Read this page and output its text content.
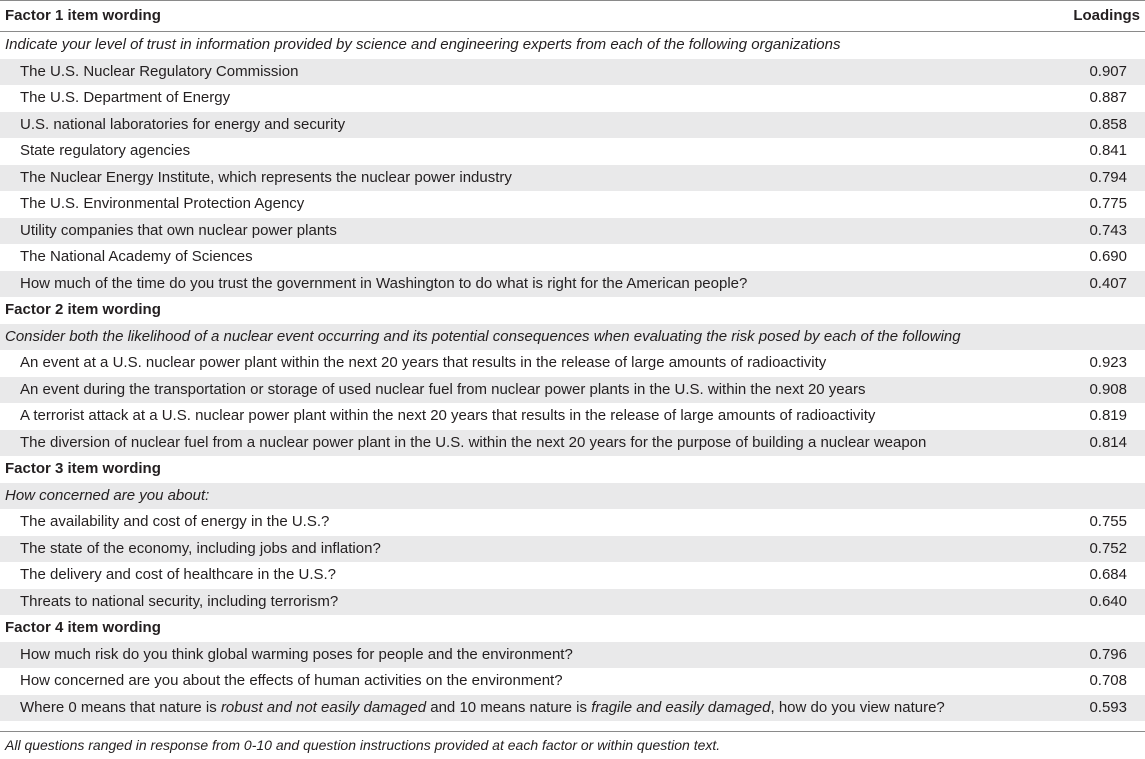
Factor 1 item wording	Loadings
Indicate your level of trust in information provided by science and engineering experts from each of the following organizations
The U.S. Nuclear Regulatory Commission	0.907
The U.S. Department of Energy	0.887
U.S. national laboratories for energy and security	0.858
State regulatory agencies	0.841
The Nuclear Energy Institute, which represents the nuclear power industry	0.794
The U.S. Environmental Protection Agency	0.775
Utility companies that own nuclear power plants	0.743
The National Academy of Sciences	0.690
How much of the time do you trust the government in Washington to do what is right for the American people?	0.407
Factor 2 item wording
Consider both the likelihood of a nuclear event occurring and its potential consequences when evaluating the risk posed by each of the following
An event at a U.S. nuclear power plant within the next 20 years that results in the release of large amounts of radioactivity	0.923
An event during the transportation or storage of used nuclear fuel from nuclear power plants in the U.S. within the next 20 years	0.908
A terrorist attack at a U.S. nuclear power plant within the next 20 years that results in the release of large amounts of radioactivity	0.819
The diversion of nuclear fuel from a nuclear power plant in the U.S. within the next 20 years for the purpose of building a nuclear weapon	0.814
Factor 3 item wording
How concerned are you about:
The availability and cost of energy in the U.S.?	0.755
The state of the economy, including jobs and inflation?	0.752
The delivery and cost of healthcare in the U.S.?	0.684
Threats to national security, including terrorism?	0.640
Factor 4 item wording
How much risk do you think global warming poses for people and the environment?	0.796
How concerned are you about the effects of human activities on the environment?	0.708
Where 0 means that nature is robust and not easily damaged and 10 means nature is fragile and easily damaged, how do you view nature?	0.593
All questions ranged in response from 0-10 and question instructions provided at each factor or within question text.
